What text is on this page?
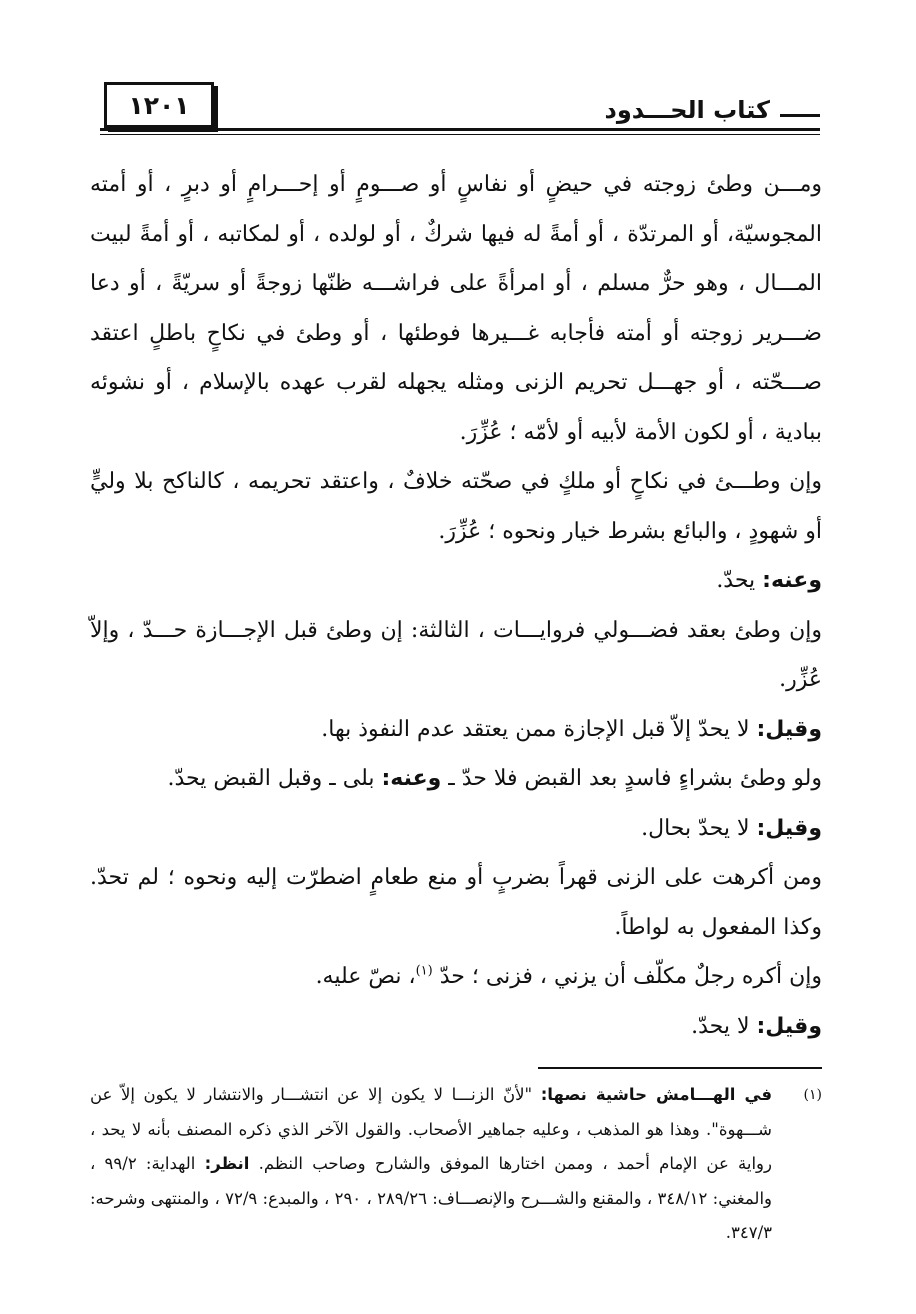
١٢٠١	كتاب الحـــدود

ومـــن وطئ زوجته في حيضٍ أو نفاسٍ أو صـــومٍ أو إحـــرامٍ أو دبرٍ ، أو أمته المجوسيّة، أو المرتدّة ، أو أمةً له فيها شركٌ ، أو لولده ، أو لمكاتبه ، أو أمةً لبيت المـــال ، وهو حرٌّ مسلم ، أو امرأةً على فراشـــه ظنّها زوجةً أو سريّةً ، أو دعا ضـــرير زوجته أو أمته فأجابه غـــيرها فوطئها ، أو وطئ في نكاحٍ باطلٍ اعتقد صـــحّته ، أو جهـــل تحريم الزنى ومثله يجهله لقرب عهده بالإسلام ، أو نشوئه ببادية ، أو لكون الأمة لأبيه أو لأمّه ؛ عُزِّرَ.

وإن وطـــئ في نكاحٍ أو ملكٍ في صحّته خلافٌ ، واعتقد تحريمه ، كالناكح بلا وليٍّ أو شهودٍ ، والبائع بشرط خيار ونحوه ؛ عُزِّرَ.

وعنه: يحدّ.

وإن وطئ بعقد فضـــولي فروايـــات ، الثالثة: إن وطئ قبل الإجـــازة حـــدّ ، وإلاّ عُزِّر.

وقيل: لا يحدّ إلاّ قبل الإجازة ممن يعتقد عدم النفوذ بها.

ولو وطئ بشراءٍ فاسدٍ بعد القبض فلا حدّ ـ وعنه: بلى ـ وقبل القبض يحدّ.

وقيل: لا يحدّ بحال.

ومن أكرهت على الزنى قهراً بضربٍ أو منع طعامٍ اضطرّت إليه ونحوه ؛ لم تحدّ. وكذا المفعول به لواطاً.

وإن أكره رجلٌ مكلّف أن يزني ، فزنى ؛ حدّ $^{(١)}$، نصّ عليه.

وقيل: لا يحدّ.

(١)
في الهـــامش حاشية نصها: "لأنّ الزنـــا لا يكون إلا عن انتشـــار والانتشار لا يكون إلاّ عن شـــهوة". وهذا هو المذهب ، وعليه جماهير الأصحاب. والقول الآخر الذي ذكره المصنف بأنه لا يحد ، رواية عن الإمام أحمد ، وممن اختارها الموفق والشارح وصاحب النظم. انظر: الهداية: ٩٩/٢ ، والمغني: ٣٤٨/١٢ ، والمقنع والشـــرح والإنصـــاف: ٢٨٩/٢٦ ، ٢٩٠ ، والمبدع: ٧٢/٩ ، والمنتهى وشرحه: ٣٤٧/٣.
